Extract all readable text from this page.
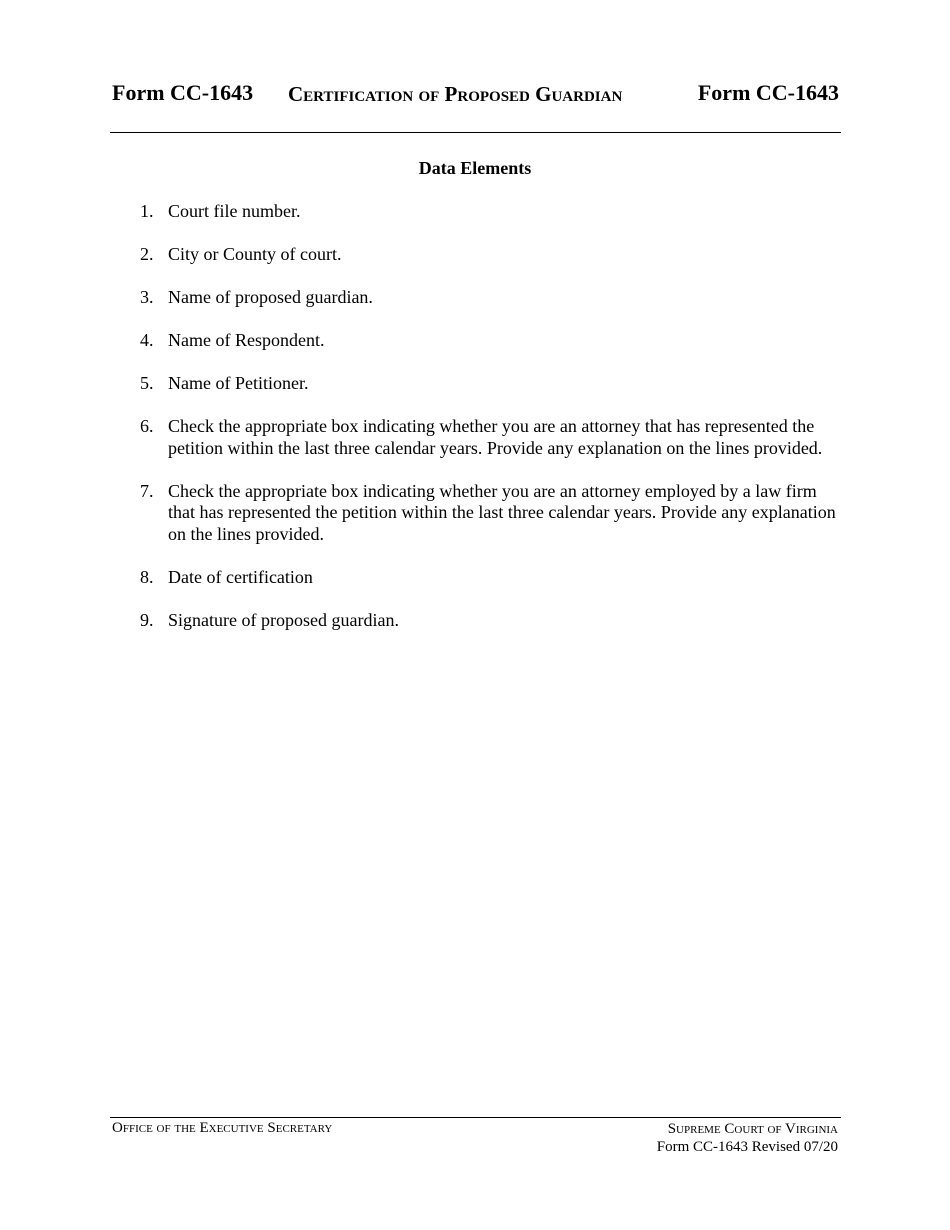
Form CC-1643 Certification of Proposed Guardian	Form CC-1643
Data Elements
1. Court file number.
2. City or County of court.
3. Name of proposed guardian.
4. Name of Respondent.
5. Name of Petitioner.
6. Check the appropriate box indicating whether you are an attorney that has represented the petition within the last three calendar years. Provide any explanation on the lines provided.
7. Check the appropriate box indicating whether you are an attorney employed by a law firm that has represented the petition within the last three calendar years. Provide any explanation on the lines provided.
8. Date of certification
9. Signature of proposed guardian.
Office of the Executive Secretary	Supreme Court of Virginia
Form CC-1643 Revised 07/20
